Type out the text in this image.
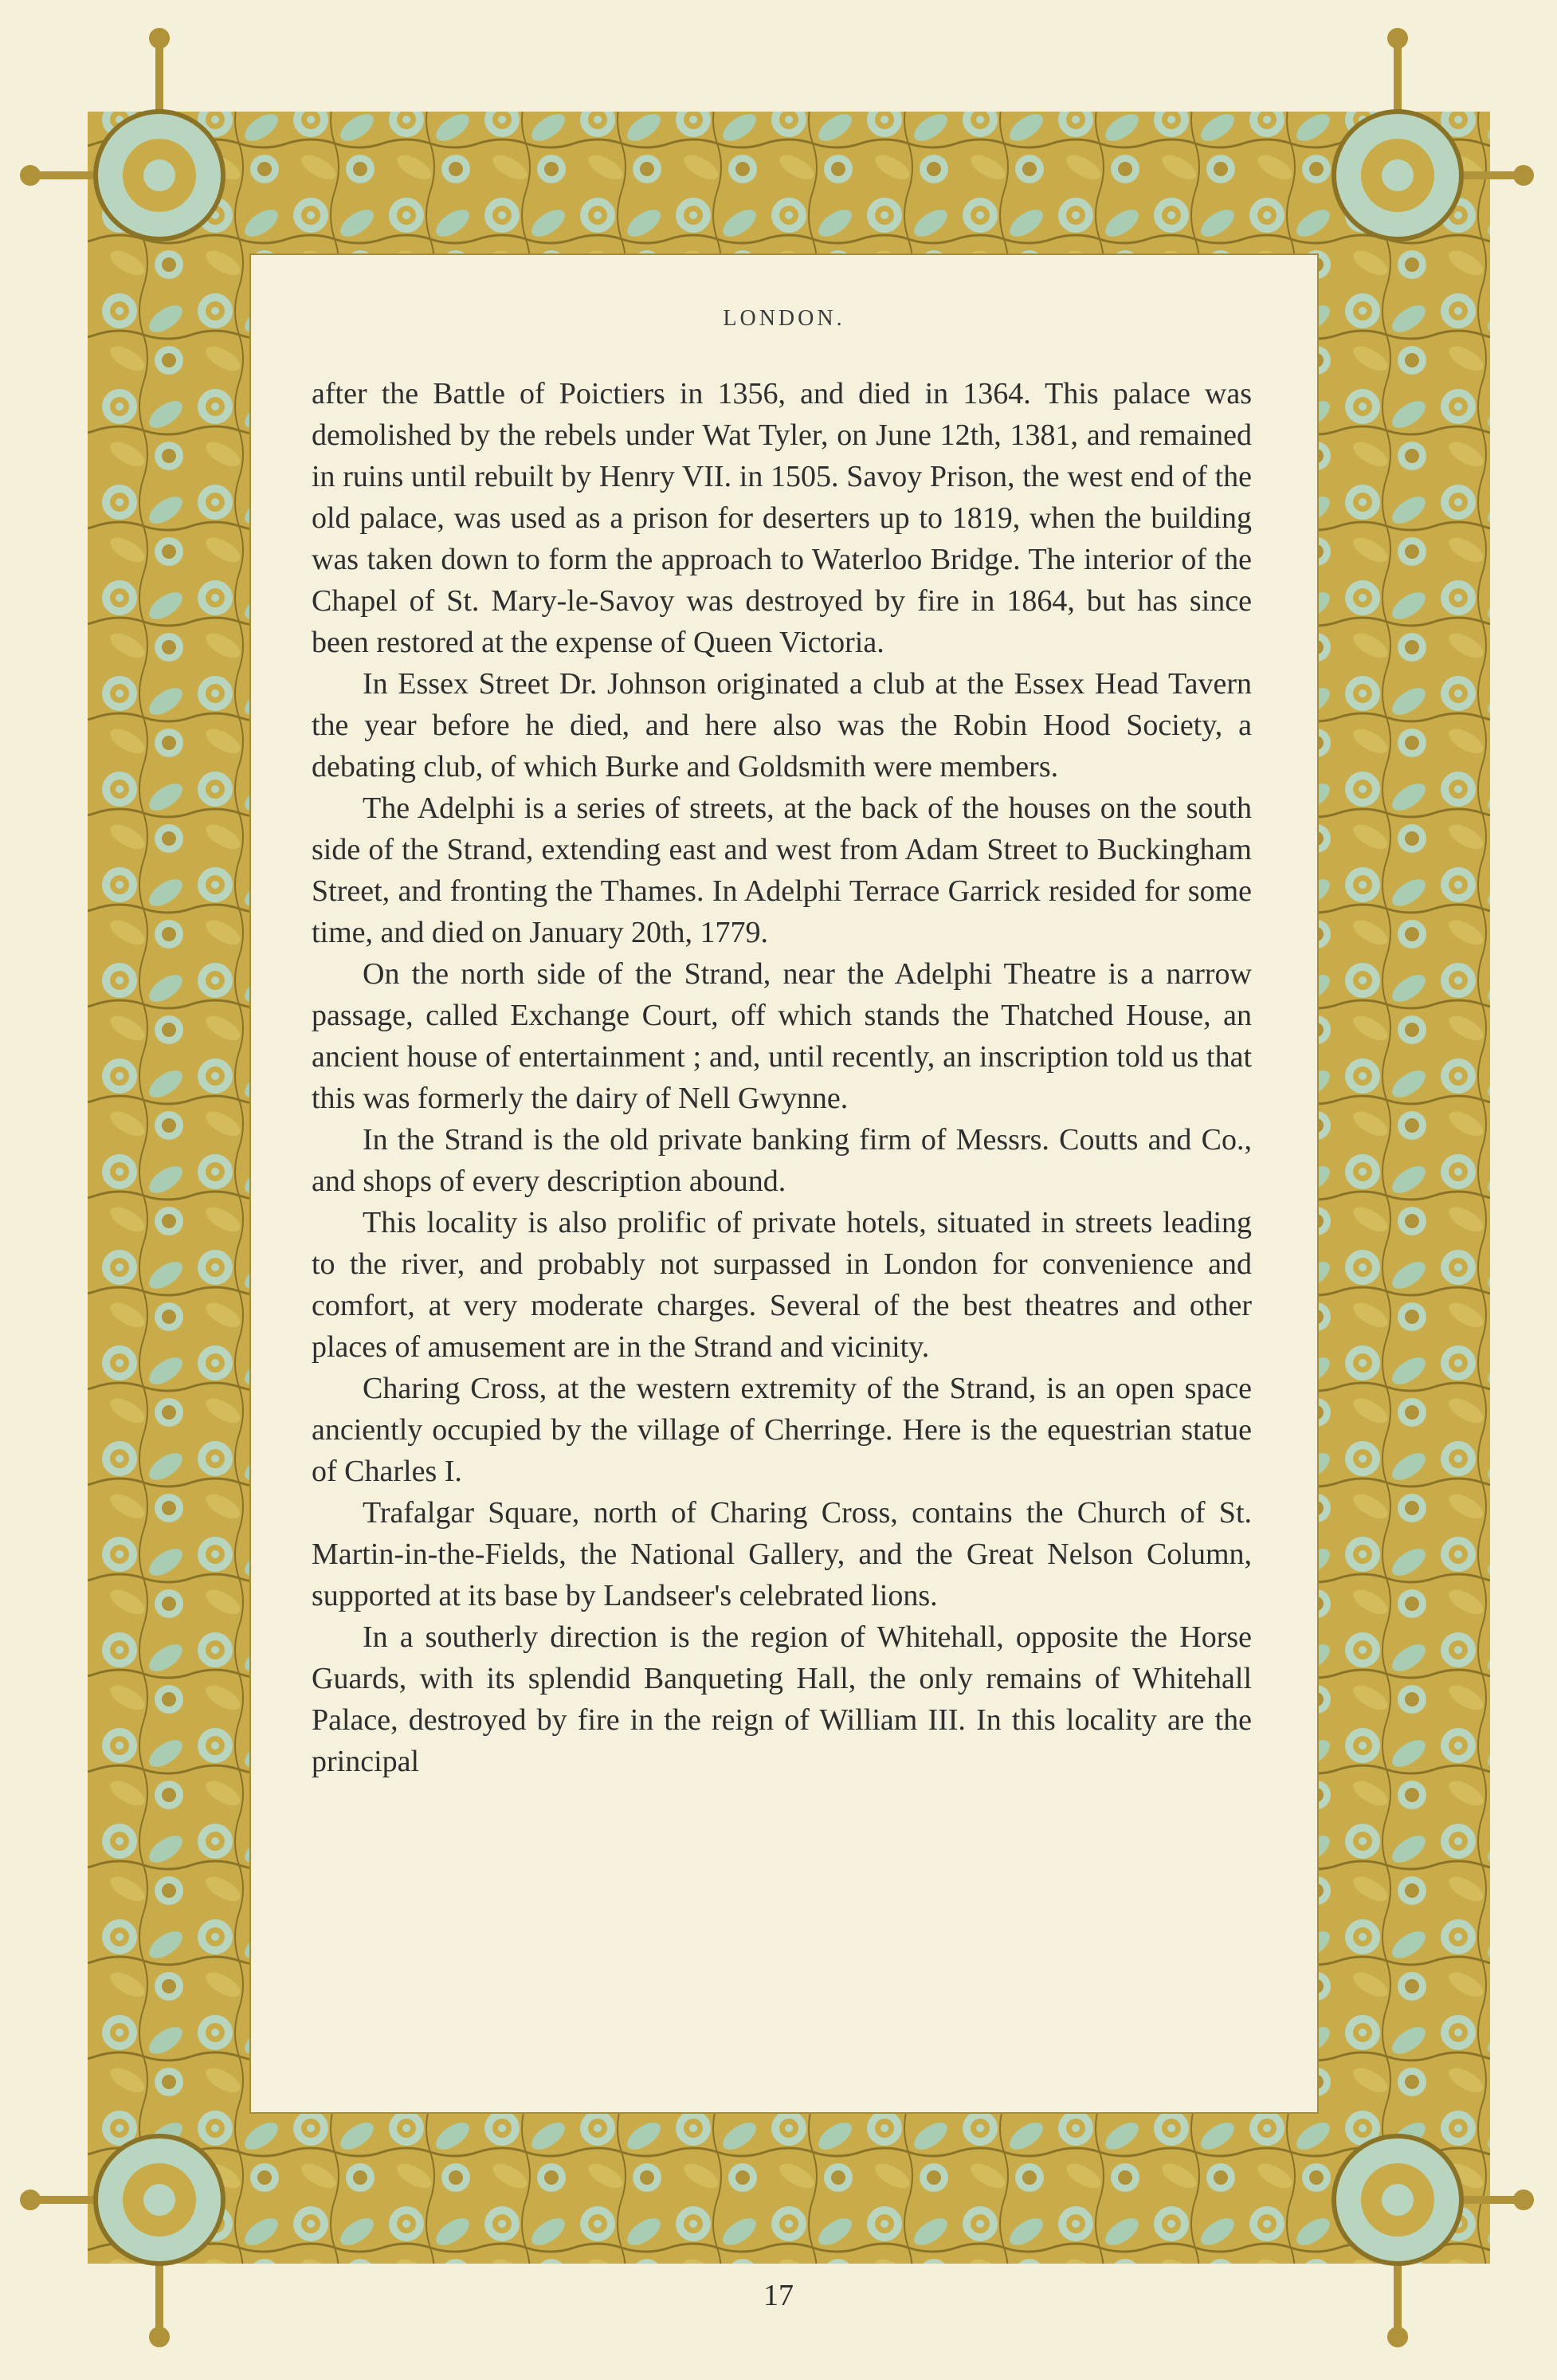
LONDON.

after the Battle of Poictiers in 1356, and died in 1364. This palace was demolished by the rebels under Wat Tyler, on June 12th, 1381, and remained in ruins until rebuilt by Henry VII. in 1505. Savoy Prison, the west end of the old palace, was used as a prison for deserters up to 1819, when the building was taken down to form the approach to Waterloo Bridge. The interior of the Chapel of St. Mary-le-Savoy was destroyed by fire in 1864, but has since been restored at the expense of Queen Victoria.

In Essex Street Dr. Johnson originated a club at the Essex Head Tavern the year before he died, and here also was the Robin Hood Society, a debating club, of which Burke and Goldsmith were members.

The Adelphi is a series of streets, at the back of the houses on the south side of the Strand, extending east and west from Adam Street to Buckingham Street, and fronting the Thames. In Adelphi Terrace Garrick resided for some time, and died on January 20th, 1779.

On the north side of the Strand, near the Adelphi Theatre is a narrow passage, called Exchange Court, off which stands the Thatched House, an ancient house of entertainment ; and, until recently, an inscription told us that this was formerly the dairy of Nell Gwynne.

In the Strand is the old private banking firm of Messrs. Coutts and Co., and shops of every description abound.

This locality is also prolific of private hotels, situated in streets leading to the river, and probably not surpassed in London for convenience and comfort, at very moderate charges. Several of the best theatres and other places of amusement are in the Strand and vicinity.

Charing Cross, at the western extremity of the Strand, is an open space anciently occupied by the village of Cherringe. Here is the equestrian statue of Charles I.

Trafalgar Square, north of Charing Cross, contains the Church of St. Martin-in-the-Fields, the National Gallery, and the Great Nelson Column, supported at its base by Landseer's celebrated lions.

In a southerly direction is the region of Whitehall, opposite the Horse Guards, with its splendid Banqueting Hall, the only remains of Whitehall Palace, destroyed by fire in the reign of William III. In this locality are the principal

17
